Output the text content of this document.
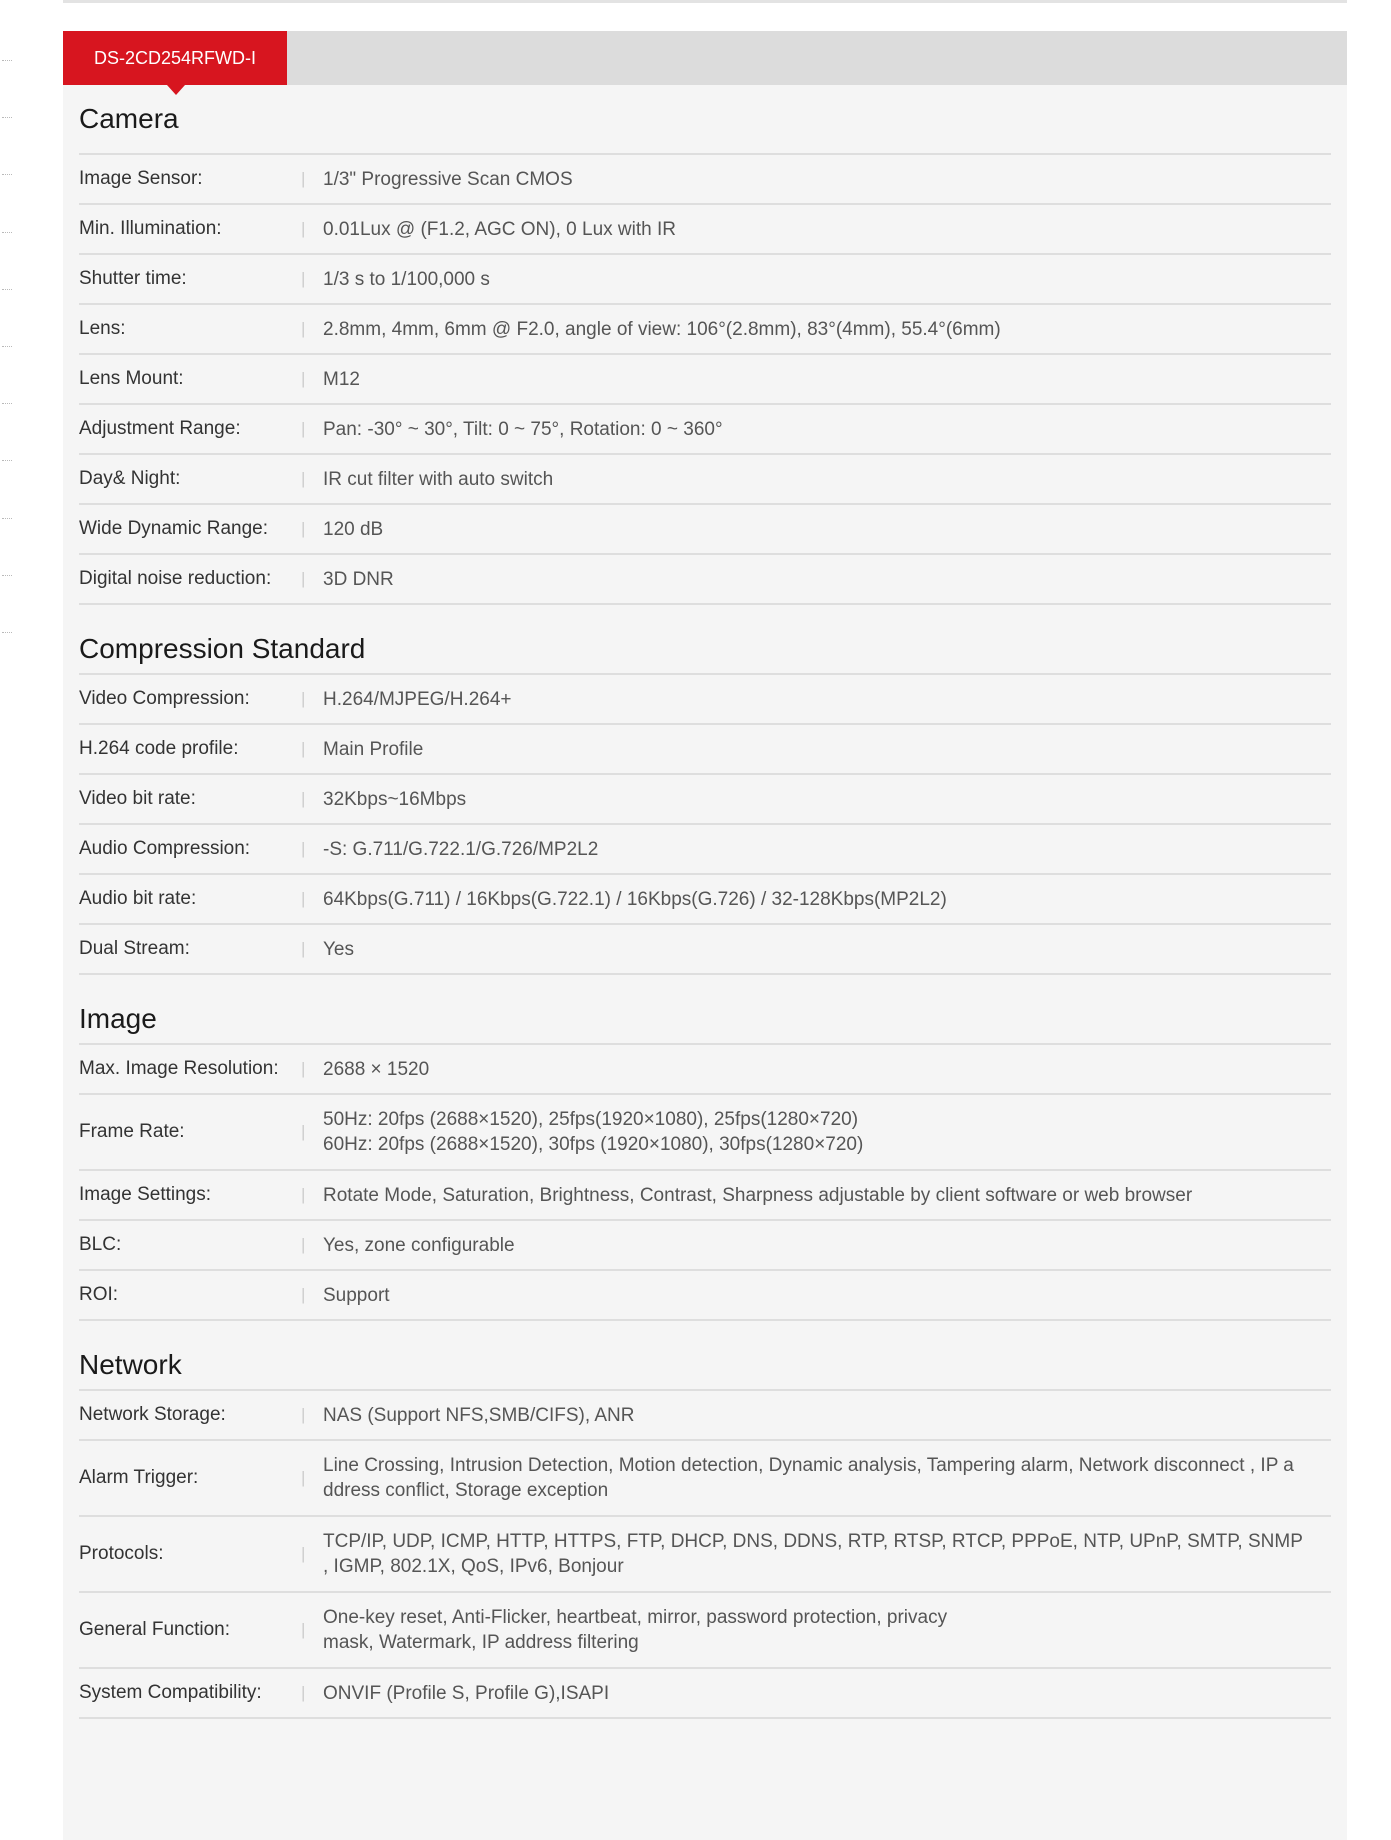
DS-2CD254RFWD-I
Camera
Image Sensor:	| 1/3" Progressive Scan CMOS
Min. Illumination:	| 0.01Lux @ (F1.2, AGC ON), 0 Lux with IR
Shutter time:	| 1/3 s to 1/100,000 s
Lens:	| 2.8mm, 4mm, 6mm @ F2.0, angle of view: 106°(2.8mm), 83°(4mm), 55.4°(6mm)
Lens Mount:	| M12
Adjustment Range:	| Pan: -30° ~ 30°, Tilt: 0 ~ 75°, Rotation: 0 ~ 360°
Day& Night:	| IR cut filter with auto switch
Wide Dynamic Range:	| 120 dB
Digital noise reduction:	| 3D DNR
Compression Standard
Video Compression:	| H.264/MJPEG/H.264+
H.264 code profile:	| Main Profile
Video bit rate:	| 32Kbps~16Mbps
Audio Compression:	| -S: G.711/G.722.1/G.726/MP2L2
Audio bit rate:	| 64Kbps(G.711) / 16Kbps(G.722.1) / 16Kbps(G.726) / 32-128Kbps(MP2L2)
Dual Stream:	| Yes
Image
Max. Image Resolution:	| 2688 × 1520
Frame Rate:	|
50Hz: 20fps (2688×1520), 25fps(1920×1080), 25fps(1280×720)
60Hz: 20fps (2688×1520), 30fps (1920×1080), 30fps(1280×720)
Image Settings:	| Rotate Mode, Saturation, Brightness, Contrast, Sharpness adjustable by client software or web browser
BLC:	| Yes, zone configurable
ROI:	| Support
Network
Network Storage:	| NAS (Support NFS,SMB/CIFS), ANR
Alarm Trigger:	|
Line Crossing, Intrusion Detection, Motion detection, Dynamic analysis, Tampering alarm, Network disconnect , IP a
ddress conflict, Storage exception
Protocols:	|
TCP/IP, UDP, ICMP, HTTP, HTTPS, FTP, DHCP, DNS, DDNS, RTP, RTSP, RTCP, PPPoE, NTP, UPnP, SMTP, SNMP
, IGMP, 802.1X, QoS, IPv6, Bonjour
General Function:	|
One-key reset, Anti-Flicker, heartbeat, mirror, password protection, privacy
mask, Watermark, IP address filtering
System Compatibility:	| ONVIF (Profile S, Profile G),ISAPI
